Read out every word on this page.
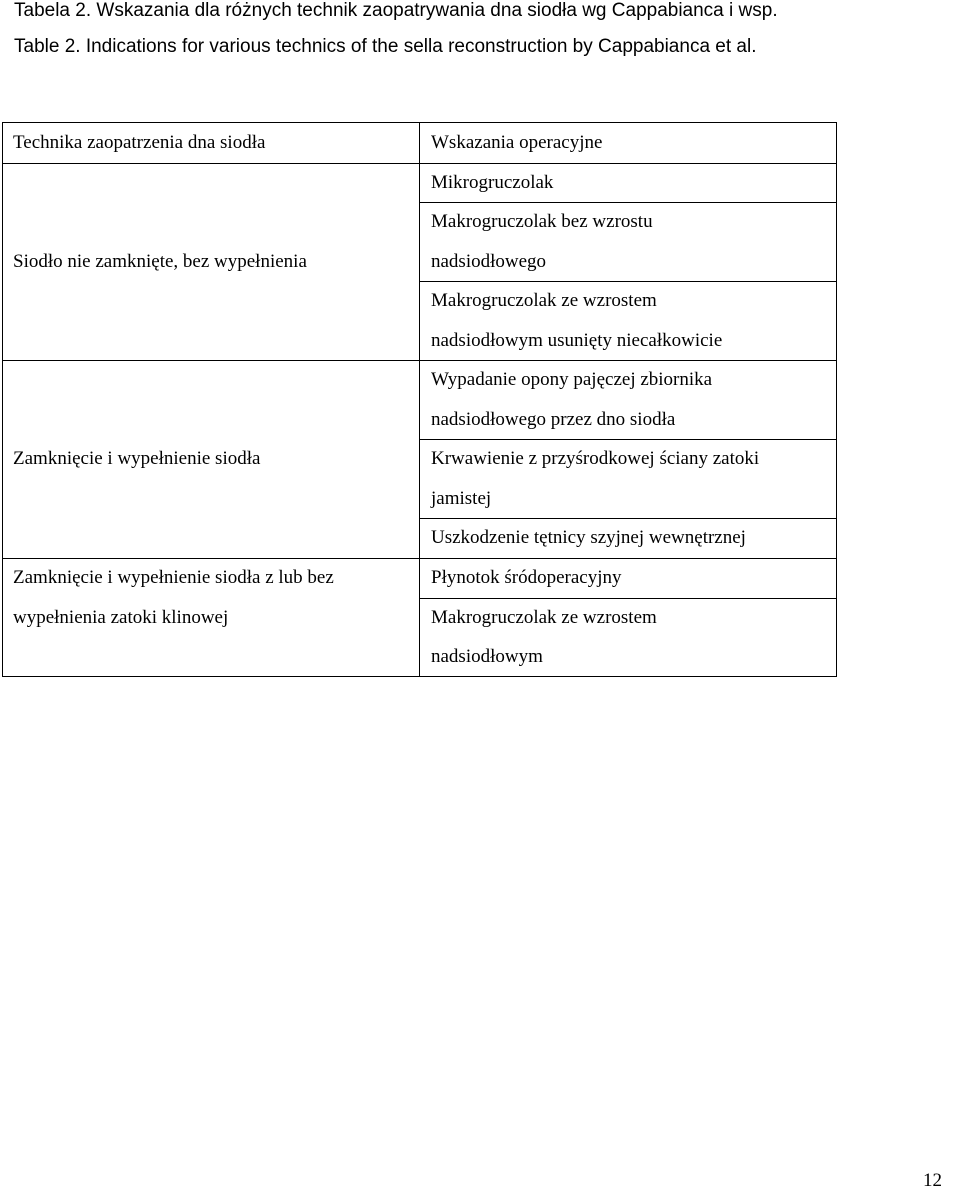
Tabela 2. Wskazania dla różnych technik zaopatrywania dna siodła wg Cappabianca i wsp.
Table 2. Indications for various technics of the sella reconstruction by Cappabianca et al.
Technika zaopatrzenia dna siodła	Wskazania operacyjne
Siodło nie zamknięte, bez wypełnienia
Mikrogruczolak
Makrogruczolak bez wzrostu
nadsiodłowego
Makrogruczolak ze wzrostem
nadsiodłowym usunięty niecałkowicie
Zamknięcie i wypełnienie siodła
Wypadanie opony pajęczej zbiornika
nadsiodłowego przez dno siodła
Krwawienie z przyśrodkowej ściany zatoki
jamistej
Uszkodzenie tętnicy szyjnej wewnętrznej
Zamknięcie i wypełnienie siodła z lub bez
wypełnienia zatoki klinowej
Płynotok śródoperacyjny
Makrogruczolak ze wzrostem
nadsiodłowym
12
